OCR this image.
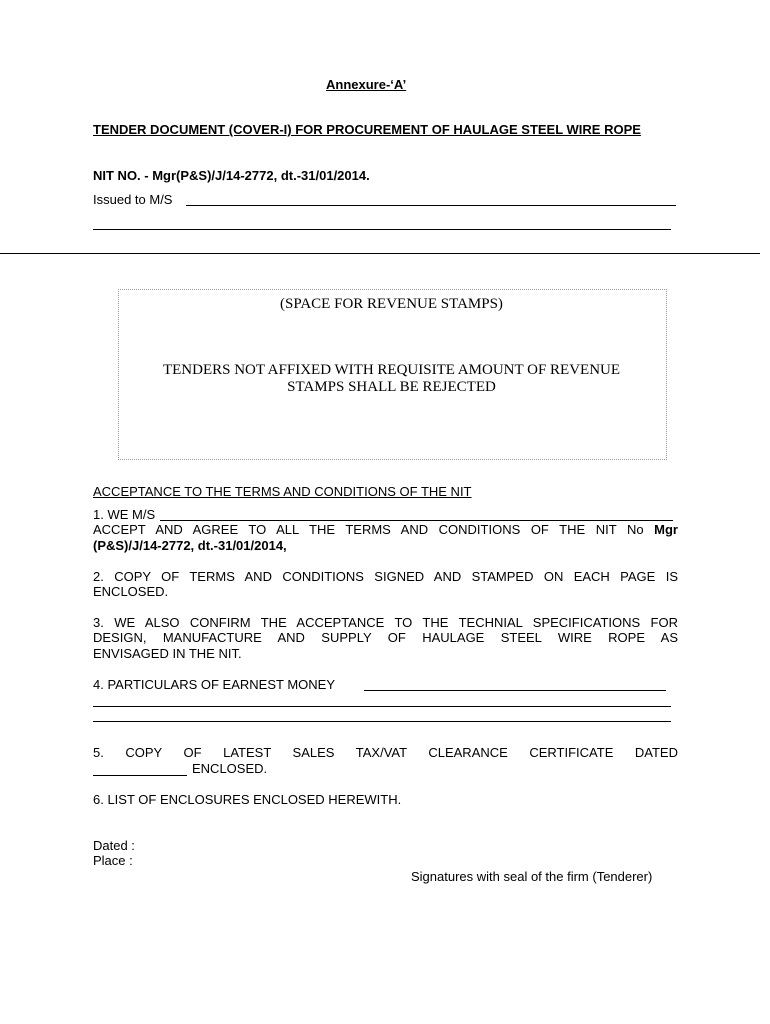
Annexure-‘A’
TENDER DOCUMENT (COVER-I) FOR PROCUREMENT OF HAULAGE STEEL WIRE ROPE
NIT NO. - Mgr(P&S)/J/14-2772, dt.-31/01/2014.
Issued to M/S
(SPACE FOR REVENUE STAMPS)
TENDERS NOT AFFIXED WITH REQUISITE AMOUNT OF REVENUE
STAMPS SHALL BE REJECTED
ACCEPTANCE TO THE TERMS AND CONDITIONS OF THE NIT
1. WE M/S
ACCEPT AND AGREE TO ALL THE TERMS AND CONDITIONS OF THE NIT No Mgr
(P&S)/J/14-2772, dt.-31/01/2014,
2. COPY OF TERMS AND CONDITIONS SIGNED AND STAMPED ON EACH PAGE IS
ENCLOSED.
3. WE ALSO CONFIRM THE ACCEPTANCE TO THE TECHNIAL SPECIFICATIONS FOR
DESIGN, MANUFACTURE AND SUPPLY OF HAULAGE STEEL WIRE ROPE AS
ENVISAGED IN THE NIT.
4. PARTICULARS OF EARNEST MONEY
5. COPY OF LATEST SALES TAX/VAT CLEARANCE CERTIFICATE DATED
ENCLOSED.
6. LIST OF ENCLOSURES ENCLOSED HEREWITH.
Dated :
Place :
Signatures with seal of the firm (Tenderer)
